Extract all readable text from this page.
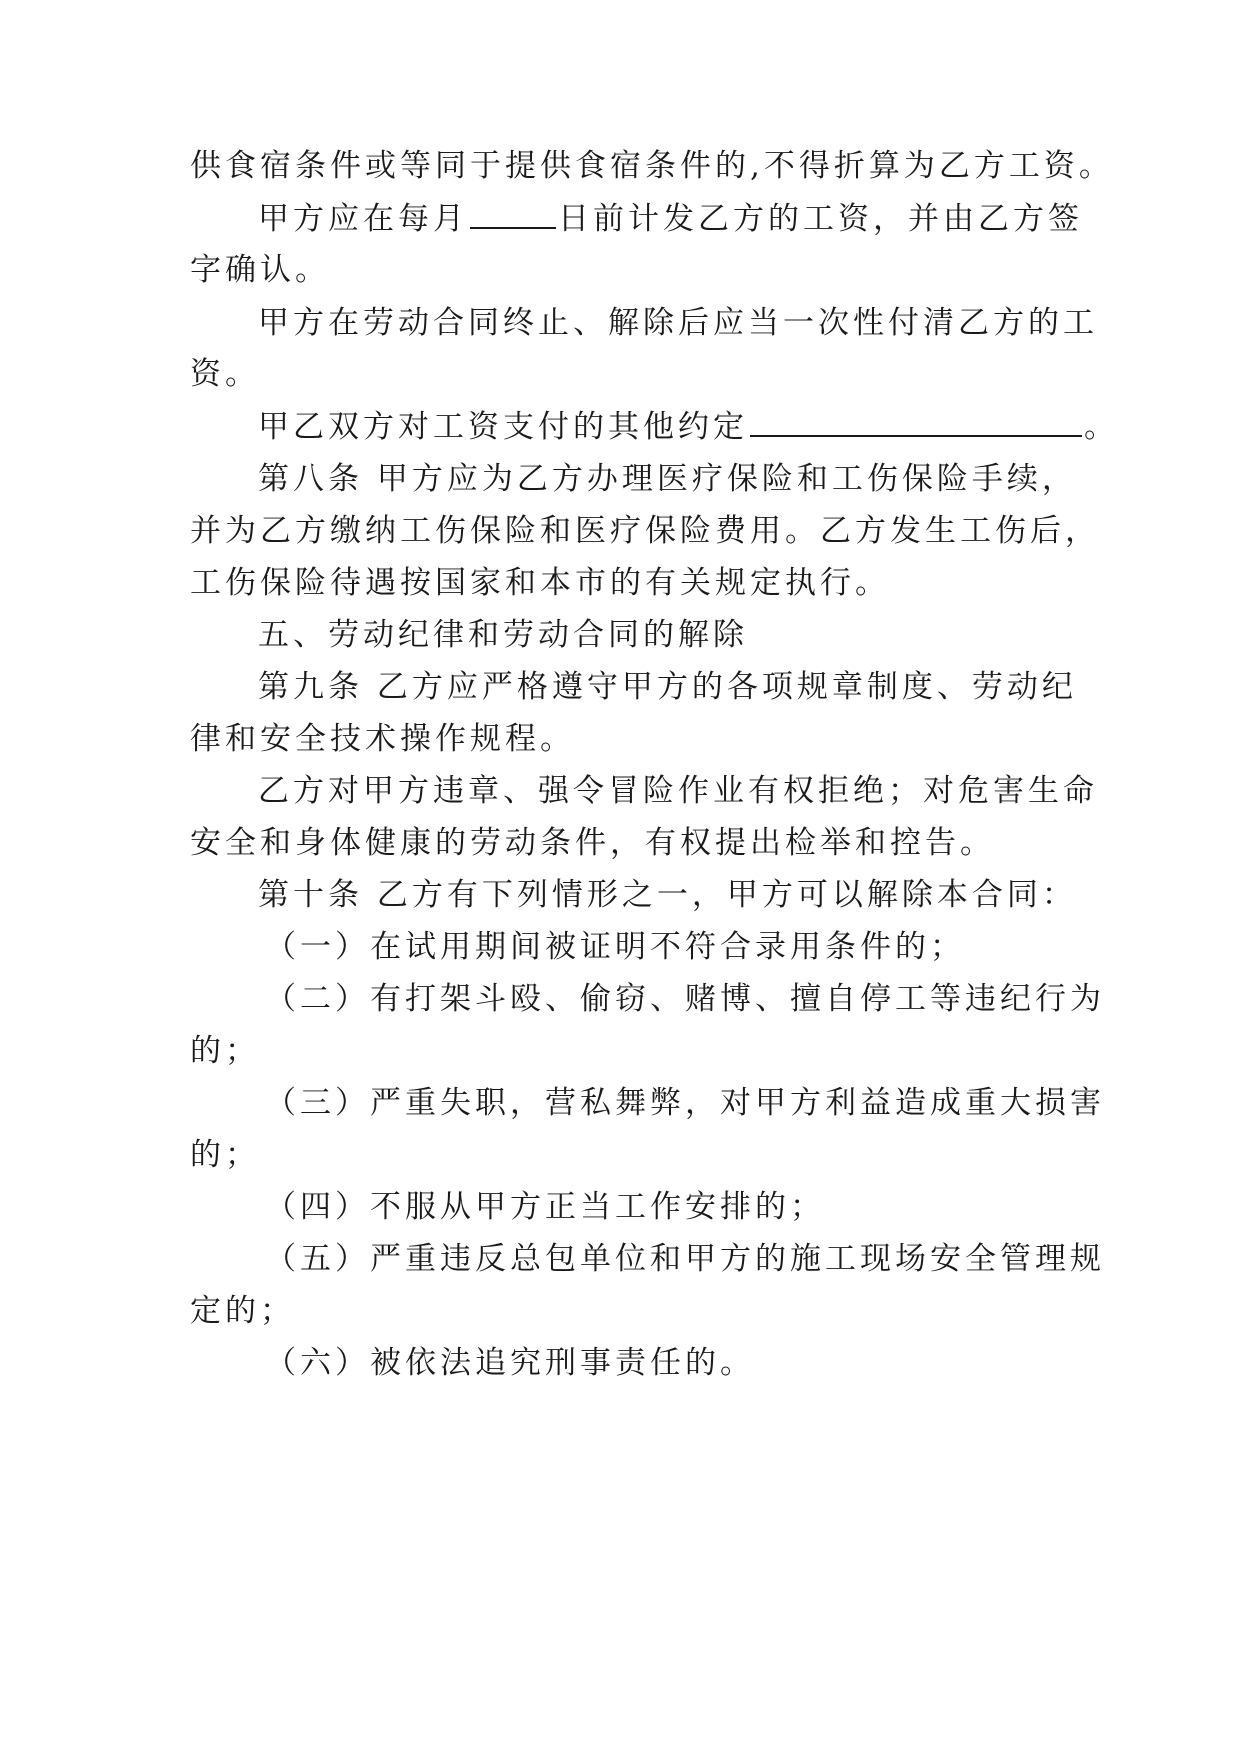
供食宿条件或等同于提供食宿条件的,不得折算为乙方工资。
甲方应在每月	日前计发乙方的工资，并由乙方签
字确认。
甲方在劳动合同终止、解除后应当一次性付清乙方的工
资。
甲乙双方对工资支付的其他约定	。
第八条 甲方应为乙方办理医疗保险和工伤保险手续，
并为乙方缴纳工伤保险和医疗保险费用。乙方发生工伤后，
工伤保险待遇按国家和本市的有关规定执行。
五、劳动纪律和劳动合同的解除
第九条 乙方应严格遵守甲方的各项规章制度、劳动纪
律和安全技术操作规程。
乙方对甲方违章、强令冒险作业有权拒绝；对危害生命
安全和身体健康的劳动条件，有权提出检举和控告。
第十条 乙方有下列情形之一，甲方可以解除本合同：
（一）在试用期间被证明不符合录用条件的；
（二）有打架斗殴、偷窃、赌博、擅自停工等违纪行为
的；
（三）严重失职，营私舞弊，对甲方利益造成重大损害
的；
（四）不服从甲方正当工作安排的；
（五）严重违反总包单位和甲方的施工现场安全管理规
定的；
（六）被依法追究刑事责任的。
